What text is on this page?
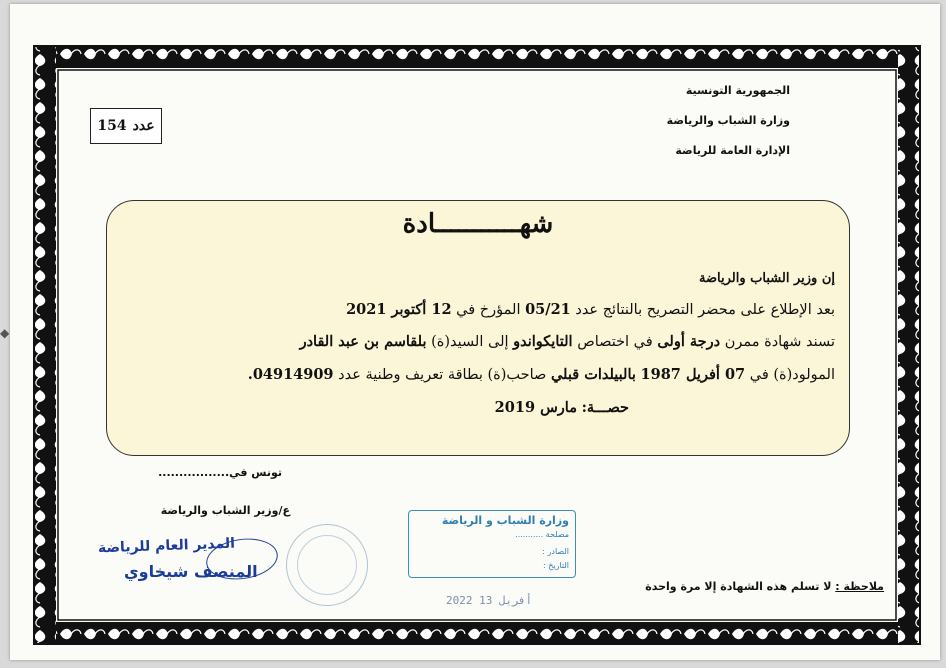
◆
الجمهورية التونسية
وزارة الشباب والرياضة
الإدارة العامة للرياضة
عدد
154
شهـــــــــــادة
إن وزير الشباب والرياضة
بعد الإطلاع على محضر التصريح بالنتائج عدد 05/21 المؤرخ في 12 أكتوبر 2021
تسند شهادة ممرن درجة أولى في اختصاص التايكواندو إلى السيد(ة) بلقاسم بن عبد القادر
المولود(ة) في 07 أفريل 1987 بالبيلدات قبلي صاحب(ة) بطاقة تعريف وطنية عدد 04914909.
حصـــة: مارس 2019
تونس في.................
ع/وزير الشباب والرياضة
المدير العام للرياضة
المنصف شيخاوي
وزارة الشباب و الرياضة
مصلحة ...........
الصادر :
التاريخ :
2022 أفريل 13
ملاحظة : لا تسلم هذه الشهادة إلا مرة واحدة
